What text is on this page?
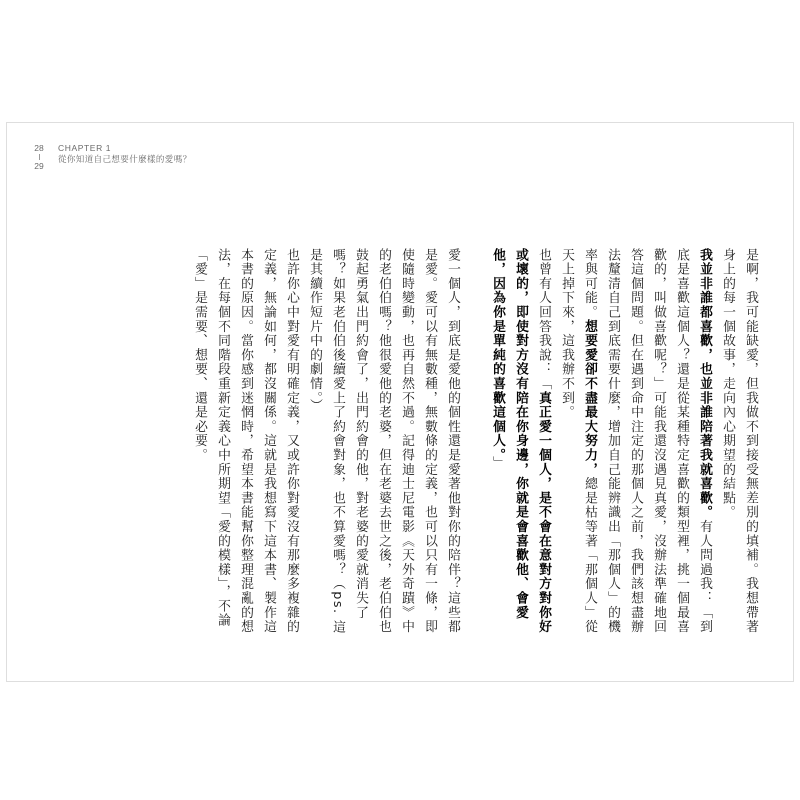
28
29
CHAPTER 1
從你知道自己想要什麼樣的愛嗎？

是啊，我可能缺愛，但我做不到接受無差別的填補。我想帶著身上的每一個故事，走向內心期望的結點。

我並非誰都喜歡，也並非誰陪著我就喜歡。有人問過我：「到底是喜歡這個人？還是從某種特定喜歡的類型裡，挑一個最喜歡的，叫做喜歡呢？」可能我還沒遇見真愛，沒辦法準確地回答這個問題。但在遇到命中注定的那個人之前，我們該想盡辦法釐清自己到底需要什麼，增加自己能辨識出「那個人」的機率與可能。想要愛卻不盡最大努力，總是枯等著「那個人」從天上掉下來，這我辦不到。

也曾有人回答我說：「真正愛一個人，是不會在意對方對你好或壞的，即使對方沒有陪在你身邊，你就是會喜歡他、會愛他，因為你是單純的喜歡這個人。」

愛一個人，到底是愛他的個性還是愛著他對你的陪伴？這些都是愛。愛可以有無數種，無數條的定義，也可以只有一條，即使隨時變動，也再自然不過。記得迪士尼電影《天外奇蹟》中的老伯伯嗎？他很愛他的老婆，但在老婆去世之後，老伯伯也鼓起勇氣出門約會了，出門約會的他，對老婆的愛就消失了嗎？如果老伯伯後續愛上了約會對象，也不算愛嗎？（ps. 這是其續作短片中的劇情。）

也許你心中對愛有明確定義，又或許你對愛沒有那麼多複雜的定義，無論如何，都沒關係。這就是我想寫下這本書、製作這本書的原因。當你感到迷惘時，希望本書能幫你整理混亂的想法，在每個不同階段重新定義心中所期望「愛的模樣」，不論「愛」是需要、想要、還是必要。
